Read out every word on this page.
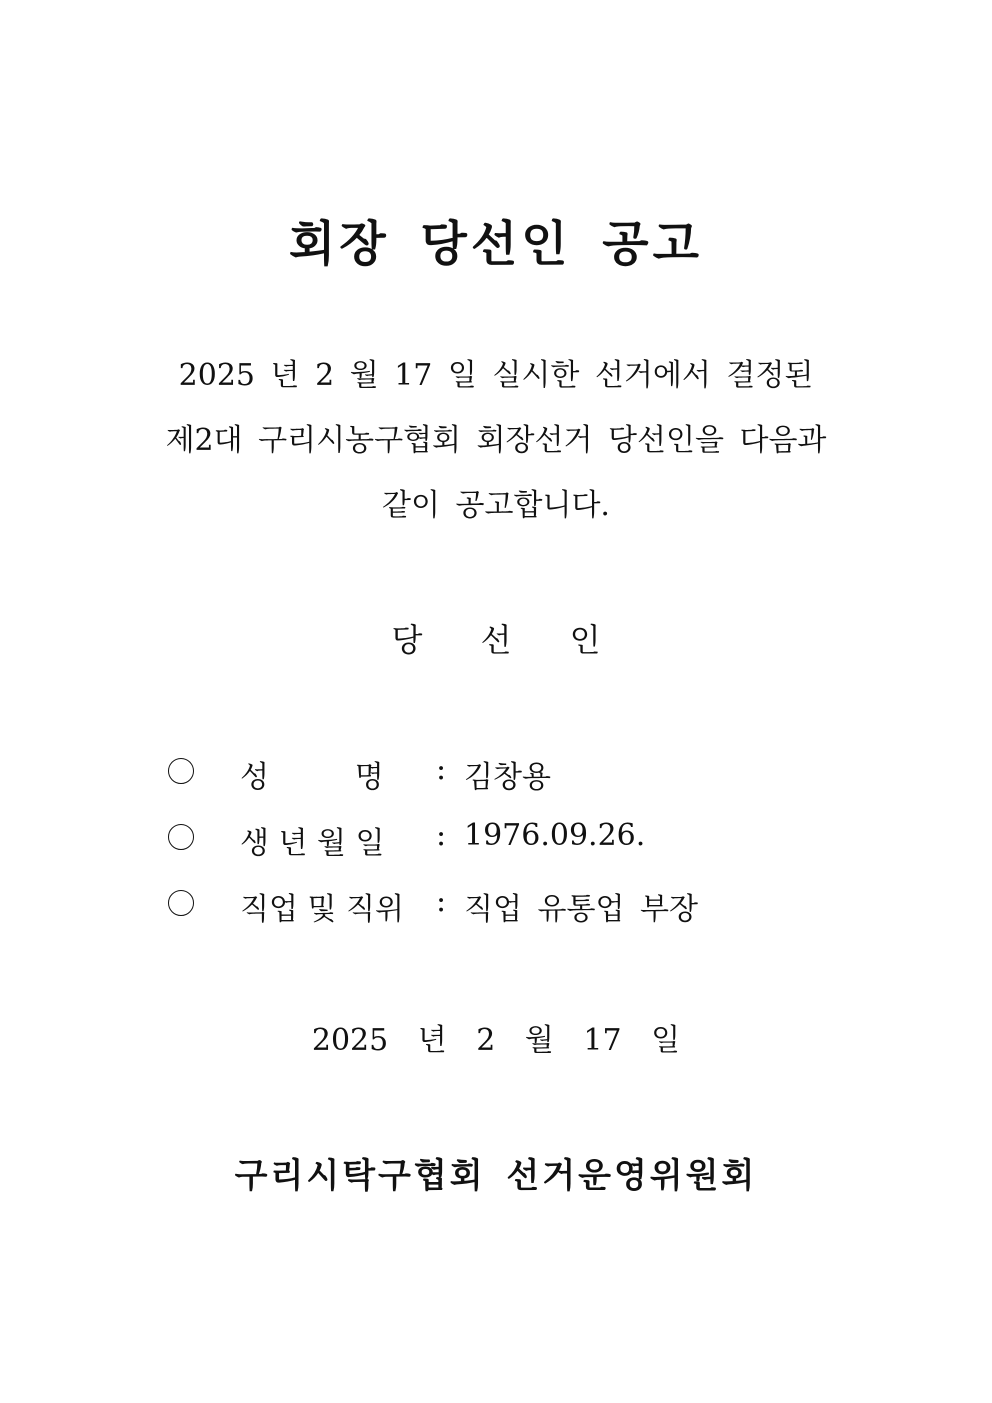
회장 당선인 공고
2025 년 2 월 17 일 실시한 선거에서 결정된
제2대 구리시농구협회 회장선거 당선인을 다음과
같이 공고합니다.
당 선 인
성         명	: 김창용
생 년 월 일	: 1976.09.26.
직업 및 직위 : 직업 유통업 부장
2025 년 2 월 17 일
구리시탁구협회 선거운영위원회
